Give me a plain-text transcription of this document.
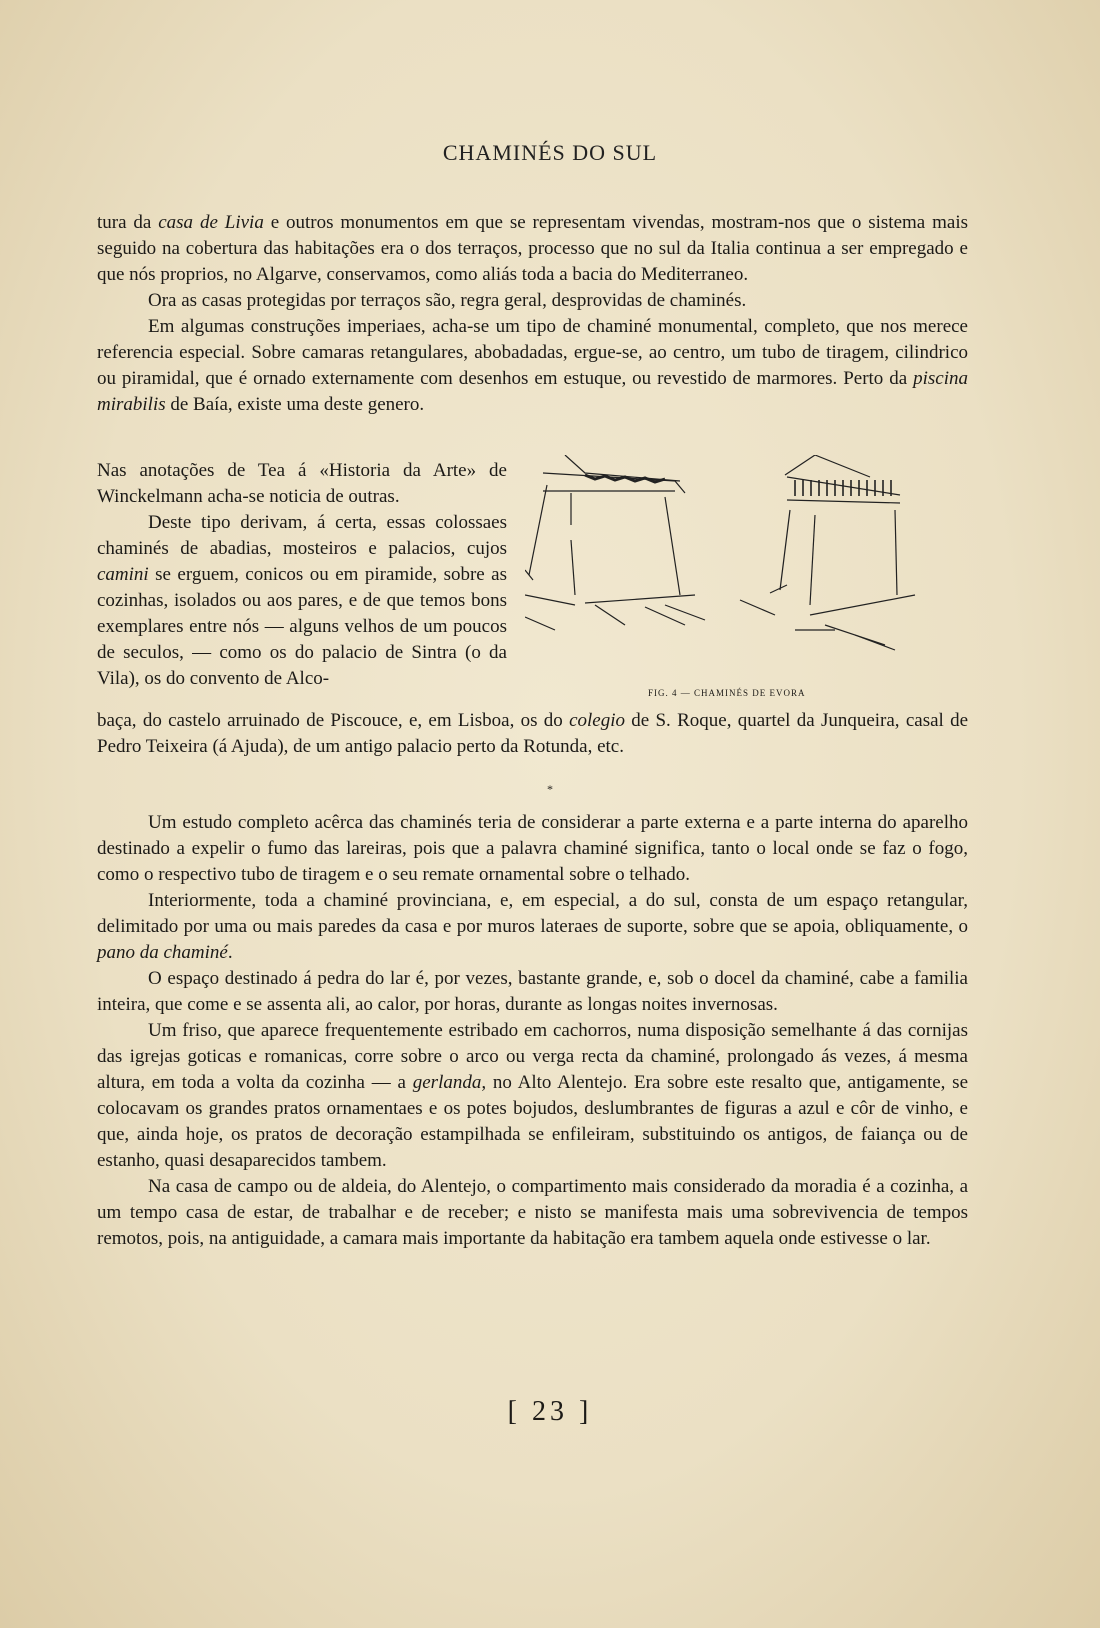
CHAMINÉS DO SUL

tura da casa de Livia e outros monumentos em que se representam vivendas, mostram-nos que o sistema mais seguido na cobertura das habitações era o dos terraços, processo que no sul da Italia continua a ser empregado e que nós proprios, no Algarve, conservamos, como aliás toda a bacia do Mediterraneo.

Ora as casas protegidas por terraços são, regra geral, desprovidas de chaminés.

Em algumas construções imperiaes, acha-se um tipo de chaminé monumental, completo, que nos merece referencia especial. Sobre camaras retangulares, abobadadas, ergue-se, ao centro, um tubo de tiragem, cilindrico ou piramidal, que é ornado externamente com desenhos em estuque, ou revestido de marmores. Perto da piscina mirabilis de Baía, existe uma deste genero.

Nas anotações de Tea á «Historia da Arte» de Winckelmann acha-se noticia de outras.

Deste tipo derivam, á certa, essas colossaes chaminés de abadias, mosteiros e palacios, cujos camini se erguem, conicos ou em piramide, sobre as cozinhas, isolados ou aos pares, e de que temos bons exemplares entre nós — alguns velhos de um poucos de seculos, — como os do palacio de Sintra (o da Vila), os do convento de Alco-

FIG. 4 — CHAMINÉS DE EVORA
baça, do castelo arruinado de Piscouce, e, em Lisboa, os do colegio de S. Roque, quartel da Junqueira, casal de Pedro Teixeira (á Ajuda), de um antigo palacio perto da Rotunda, etc.
*

Um estudo completo acêrca das chaminés teria de considerar a parte externa e a parte interna do aparelho destinado a expelir o fumo das lareiras, pois que a palavra chaminé significa, tanto o local onde se faz o fogo, como o respectivo tubo de tiragem e o seu remate ornamental sobre o telhado.

Interiormente, toda a chaminé provinciana, e, em especial, a do sul, consta de um espaço retangular, delimitado por uma ou mais paredes da casa e por muros lateraes de suporte, sobre que se apoia, obliquamente, o pano da chaminé.

O espaço destinado á pedra do lar é, por vezes, bastante grande, e, sob o docel da chaminé, cabe a familia inteira, que come e se assenta ali, ao calor, por horas, durante as longas noites invernosas.

Um friso, que aparece frequentemente estribado em cachorros, numa disposição semelhante á das cornijas das igrejas goticas e romanicas, corre sobre o arco ou verga recta da chaminé, prolongado ás vezes, á mesma altura, em toda a volta da cozinha — a gerlanda, no Alto Alentejo. Era sobre este resalto que, antigamente, se colocavam os grandes pratos ornamentaes e os potes bojudos, deslumbrantes de figuras a azul e côr de vinho, e que, ainda hoje, os pratos de decoração estampilhada se enfileiram, substituindo os antigos, de faiança ou de estanho, quasi desaparecidos tambem.

Na casa de campo ou de aldeia, do Alentejo, o compartimento mais considerado da moradia é a cozinha, a um tempo casa de estar, de trabalhar e de receber; e nisto se manifesta mais uma sobrevivencia de tempos remotos, pois, na antiguidade, a camara mais importante da habitação era tambem aquela onde estivesse o lar.

[ 23 ]
